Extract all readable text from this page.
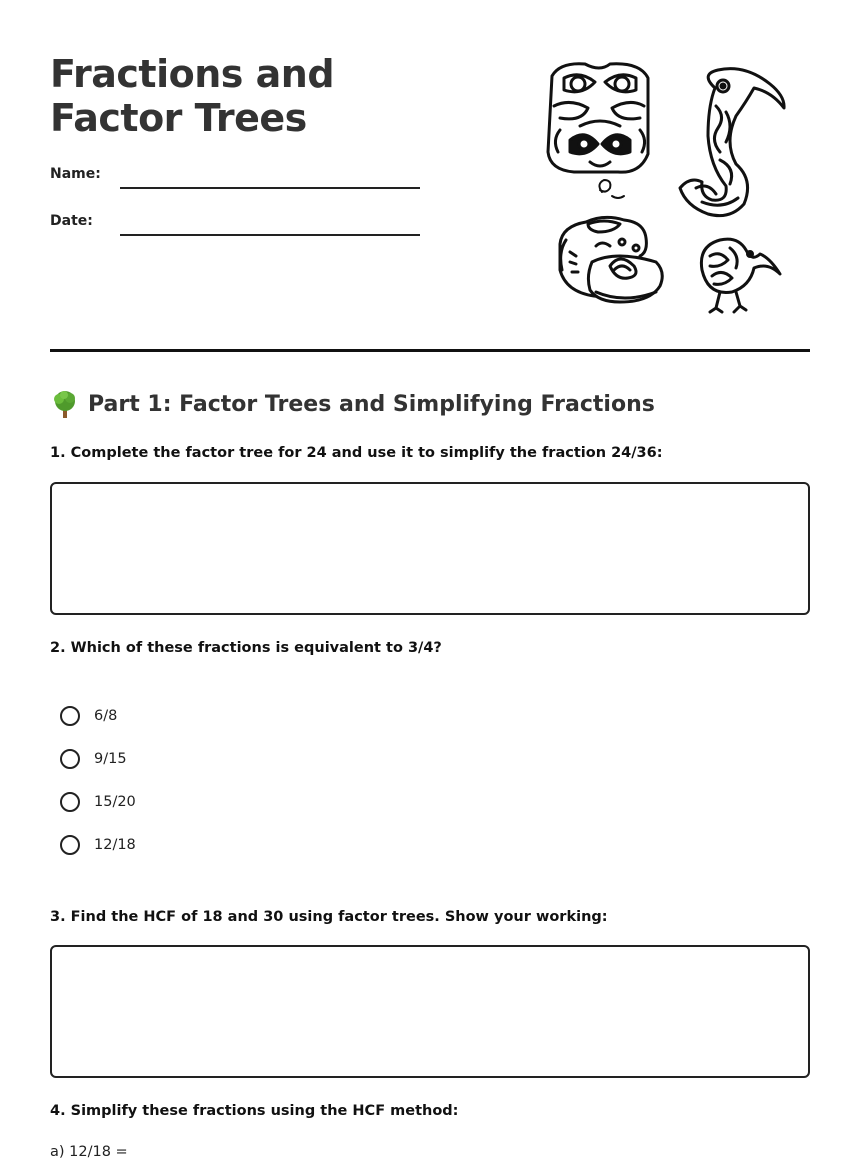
Fractions and Factor Trees
Name:
Date:
Part 1: Factor Trees and Simplifying Fractions

1. Complete the factor tree for 24 and use it to simplify the fraction 24/36:

2. Which of these fractions is equivalent to 3/4?

6/8
9/15
15/20
12/18

3. Find the HCF of 18 and 30 using factor trees. Show your working:

4. Simplify these fractions using the HCF method:

a) 12/18 =
